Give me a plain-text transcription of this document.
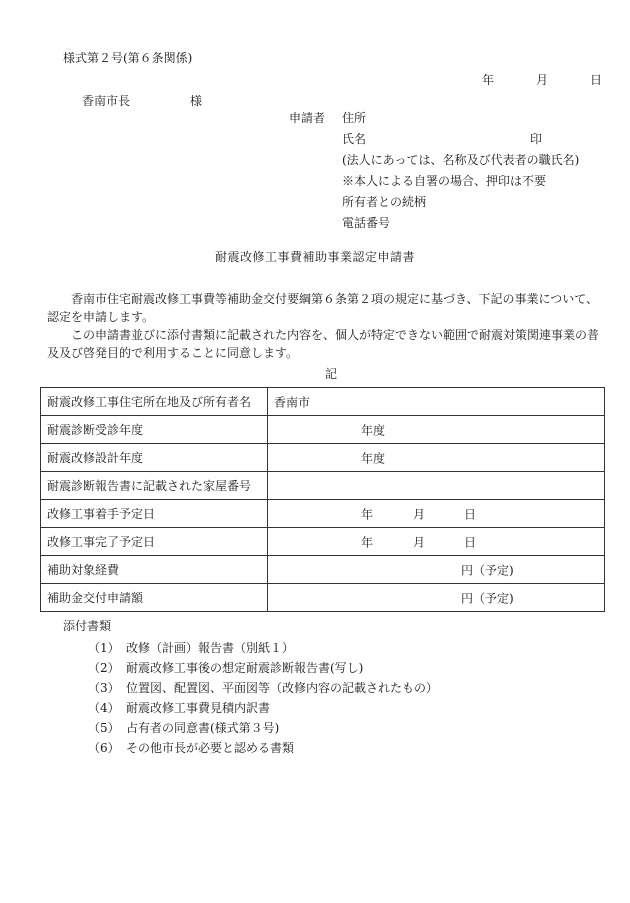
様式第２号(第６条関係)
年	月	日
香南市長	様
申請者 住所
氏名	印
(法人にあっては、名称及び代表者の職氏名)
※本人による自署の場合、押印は不要
所有者との続柄
電話番号
耐震改修工事費補助事業認定申請書

香南市住宅耐震改修工事費等補助金交付要綱第６条第２項の規定に基づき、下記の事業について、認定を申請します。

この申請書並びに添付書類に記載された内容を、個人が特定できない範囲で耐震対策関連事業の普及及び啓発目的で利用することに同意します。

記
耐震改修工事住宅所在地及び所有者名	香南市

耐震診断受診年度	年度

耐震改修設計年度	年度

耐震診断報告書に記載された家屋番号	
改修工事着手予定日	年 月 日

改修工事完了予定日	年 月 日

補助対象経費	円（予定)

補助金交付申請額	円（予定)
添付書類
（1） 改修（計画）報告書（別紙１）
（2） 耐震改修工事後の想定耐震診断報告書(写し)
（3） 位置図、配置図、平面図等（改修内容の記載されたもの）
（4） 耐震改修工事費見積内訳書
（5） 占有者の同意書(様式第３号)
（6） その他市長が必要と認める書類
